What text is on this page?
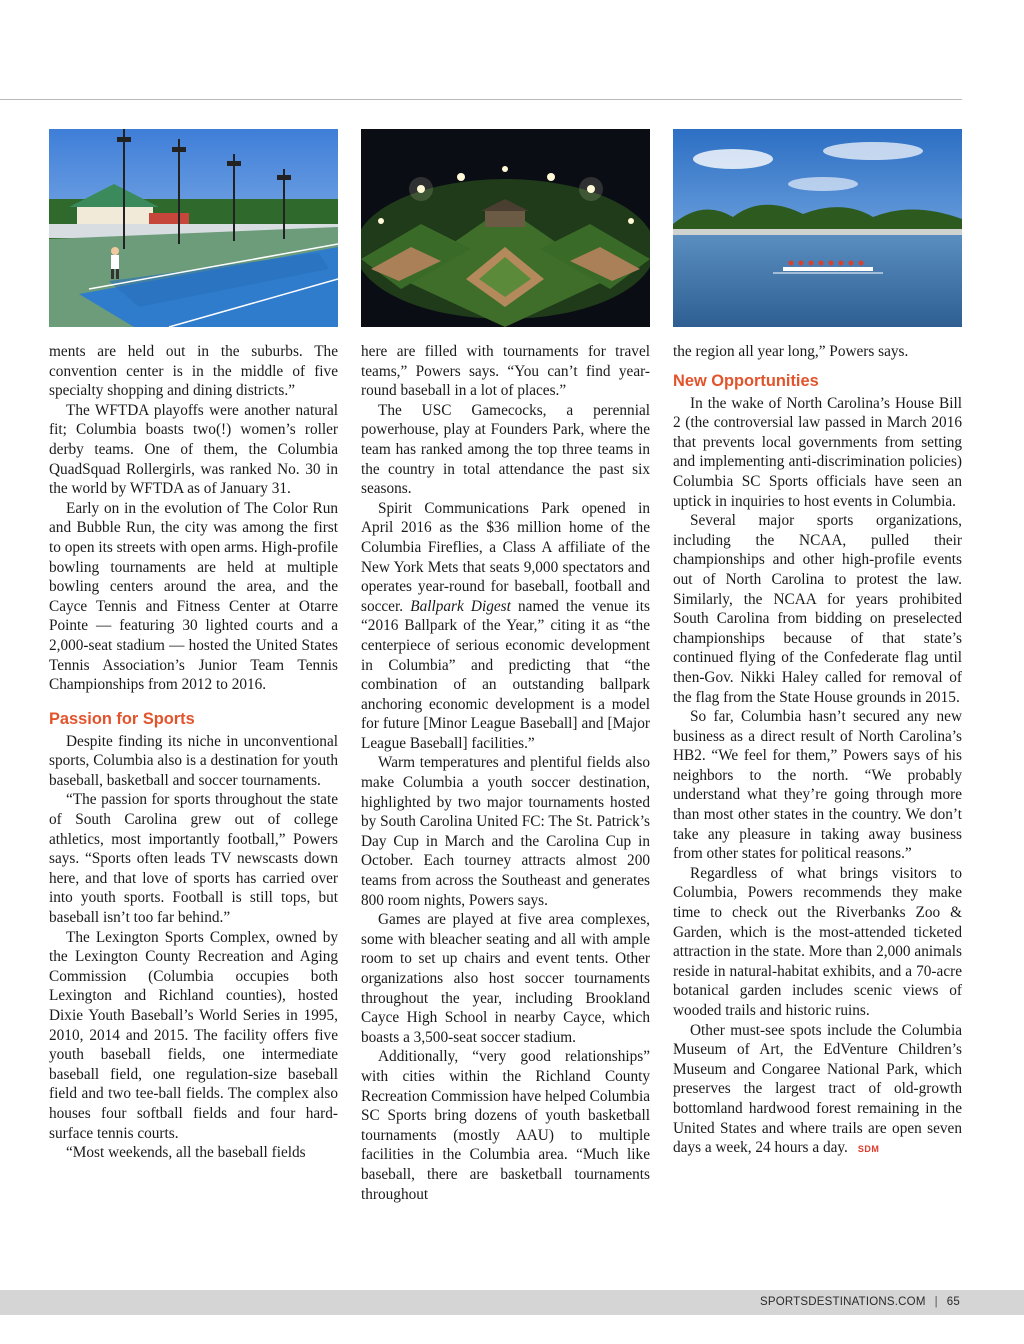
ments are held out in the suburbs. The convention center is in the middle of five specialty shopping and dining districts.”

The WFTDA playoffs were another natural fit; Columbia boasts two(!) women’s roller derby teams. One of them, the Columbia QuadSquad Rollergirls, was ranked No. 30 in the world by WFTDA as of January 31.

Early on in the evolution of The Color Run and Bubble Run, the city was among the first to open its streets with open arms. High-profile bowling tournaments are held at multiple bowling centers around the area, and the Cayce Tennis and Fitness Center at Otarre Pointe — featuring 30 lighted courts and a 2,000-seat stadium — hosted the United States Tennis Association’s Junior Team Tennis Championships from 2012 to 2016.

Passion for Sports

Despite finding its niche in unconventional sports, Columbia also is a destination for youth baseball, basketball and soccer tournaments.

“The passion for sports throughout the state of South Carolina grew out of college athletics, most importantly football,” Powers says. “Sports often leads TV newscasts down here, and that love of sports has carried over into youth sports. Football is still tops, but baseball isn’t too far behind.”

The Lexington Sports Complex, owned by the Lexington County Recreation and Aging Commission (Columbia occupies both Lexington and Richland counties), hosted Dixie Youth Baseball’s World Series in 1995, 2010, 2014 and 2015. The facility offers five youth baseball fields, one intermediate baseball field, one regulation-size baseball field and two tee-ball fields. The complex also houses four softball fields and four hard-surface tennis courts.

“Most weekends, all the baseball fields

here are filled with tournaments for travel teams,” Powers says. “You can’t find year-round baseball in a lot of places.”

The USC Gamecocks, a perennial powerhouse, play at Founders Park, where the team has ranked among the top three teams in the country in total attendance the past six seasons.

Spirit Communications Park opened in April 2016 as the $36 million home of the Columbia Fireflies, a Class A affiliate of the New York Mets that seats 9,000 spectators and operates year-round for baseball, football and soccer. Ballpark Digest named the venue its “2016 Ballpark of the Year,” citing it as “the centerpiece of serious economic development in Columbia” and predicting that “the combination of an outstanding ballpark anchoring economic development is a model for future [Minor League Baseball] and [Major League Baseball] facilities.”

Warm temperatures and plentiful fields also make Columbia a youth soccer destination, highlighted by two major tournaments hosted by South Carolina United FC: The St. Patrick’s Day Cup in March and the Carolina Cup in October. Each tourney attracts almost 200 teams from across the Southeast and generates 800 room nights, Powers says.

Games are played at five area complexes, some with bleacher seating and all with ample room to set up chairs and event tents. Other organizations also host soccer tournaments throughout the year, including Brookland Cayce High School in nearby Cayce, which boasts a 3,500-seat soccer stadium.

Additionally, “very good relationships” with cities within the Richland County Recreation Commission have helped Columbia SC Sports bring dozens of youth basketball tournaments (mostly AAU) to multiple facilities in the Columbia area. “Much like baseball, there are basketball tournaments throughout

the region all year long,” Powers says.

New Opportunities

In the wake of North Carolina’s House Bill 2 (the controversial law passed in March 2016 that prevents local governments from setting and implementing anti-discrimination policies) Columbia SC Sports officials have seen an uptick in inquiries to host events in Columbia.

Several major sports organizations, including the NCAA, pulled their championships and other high-profile events out of North Carolina to protest the law. Similarly, the NCAA for years prohibited South Carolina from bidding on preselected championships because of that state’s continued flying of the Confederate flag until then-Gov. Nikki Haley called for removal of the flag from the State House grounds in 2015.

So far, Columbia hasn’t secured any new business as a direct result of North Carolina’s HB2. “We feel for them,” Powers says of his neighbors to the north. “We probably understand what they’re going through more than most other states in the country. We don’t take any pleasure in taking away business from other states for political reasons.”

Regardless of what brings visitors to Columbia, Powers recommends they make time to check out the Riverbanks Zoo & Garden, which is the most-attended ticketed attraction in the state. More than 2,000 animals reside in natural-habitat exhibits, and a 70-acre botanical garden includes scenic views of wooded trails and historic ruins.

Other must-see spots include the Columbia Museum of Art, the EdVenture Children’s Museum and Congaree National Park, which preserves the largest tract of old-growth bottomland hardwood forest remaining in the United States and where trails are open seven days a week, 24 hours a day. SDM

SPORTSDESTINATIONS.COM | 65
